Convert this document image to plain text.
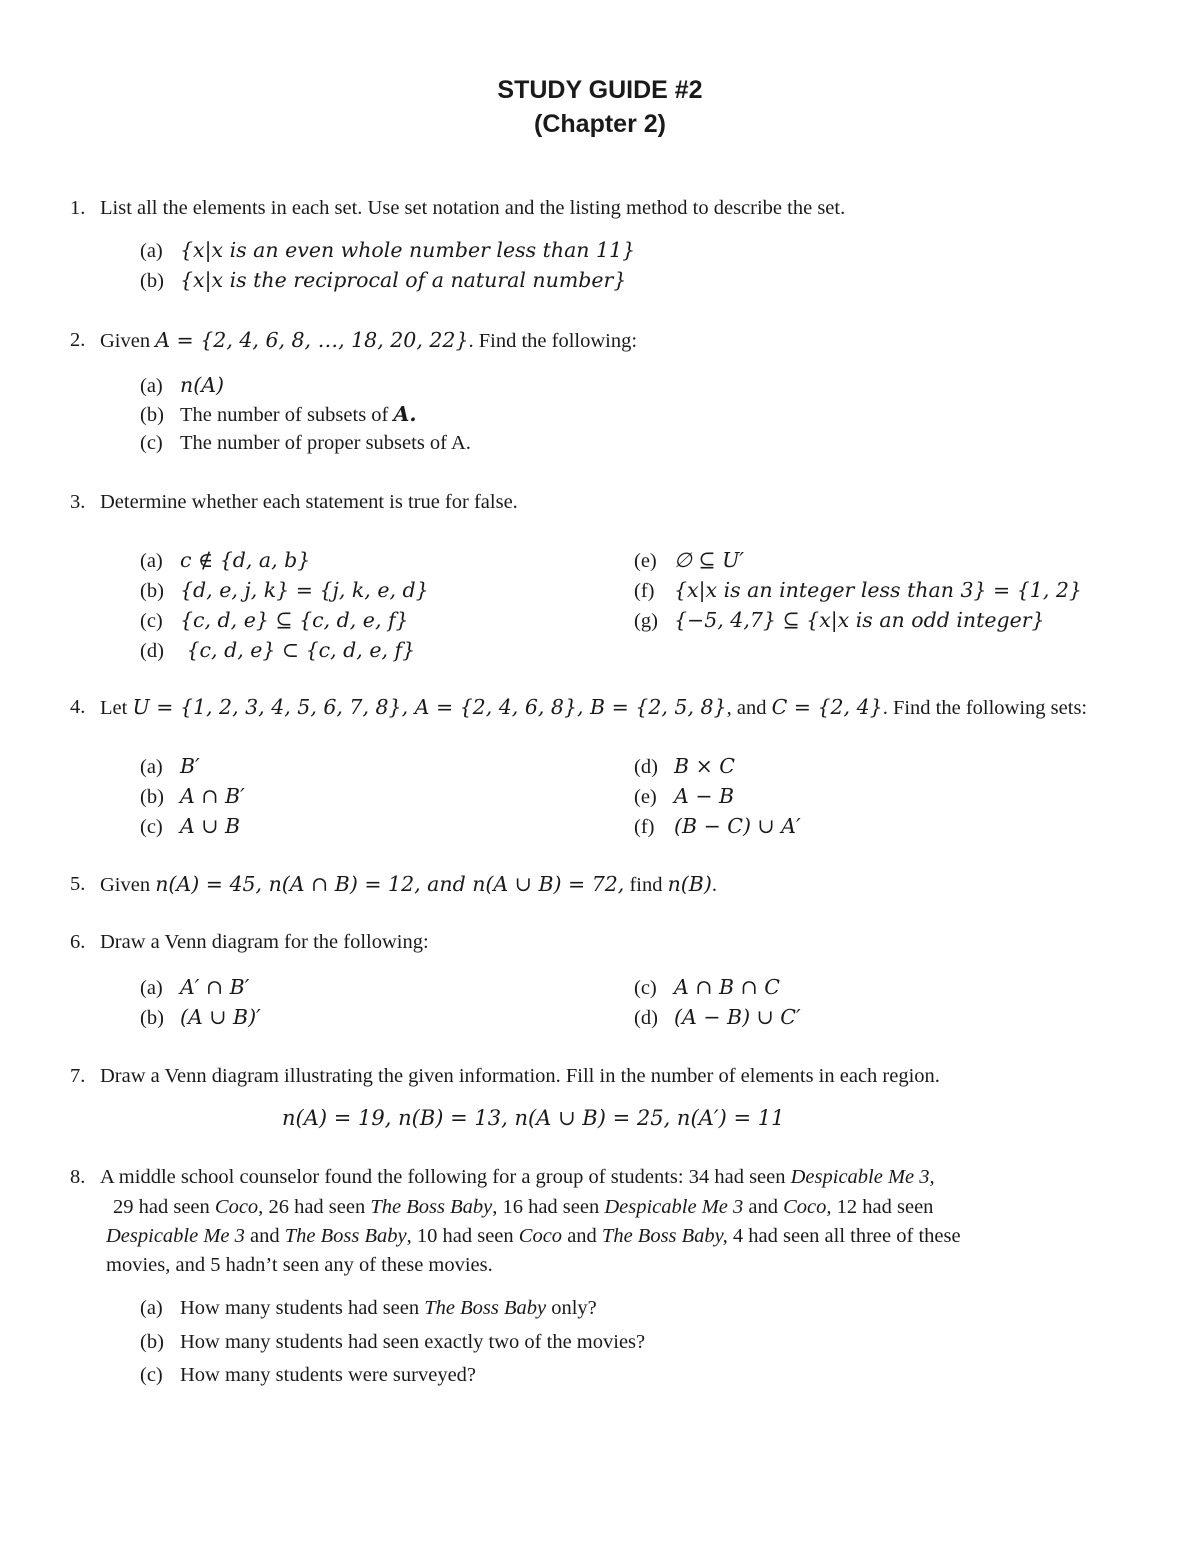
STUDY GUIDE #2
(Chapter 2)
1. List all the elements in each set. Use set notation and the listing method to describe the set.
(a) {x|x is an even whole number less than 11}
(b) {x|x is the reciprocal of a natural number}
2. Given A = {2, 4, 6, 8, …, 18, 20, 22}. Find the following:
(a) n(A)
(b) The number of subsets of A.
(c) The number of proper subsets of A.
3. Determine whether each statement is true for false.
(a) c ∉ {d, a, b}
(b) {d, e, j, k} = {j, k, e, d}
(c) {c, d, e} ⊆ {c, d, e, f}
(d) {c, d, e} ⊂ {c, d, e, f}
(e) ∅ ⊆ U′
(f) {x|x is an integer less than 3} = {1, 2}
(g) {−5, 4,7} ⊆ {x|x is an odd integer}
4. Let U = {1, 2, 3, 4, 5, 6, 7, 8}, A = {2, 4, 6, 8}, B = {2, 5, 8}, and C = {2, 4}. Find the following sets:
(a) B′
(b) A ∩ B′
(c) A ∪ B
(d) B × C
(e) A − B
(f) (B − C) ∪ A′
5. Given n(A) = 45, n(A ∩ B) = 12, and n(A ∪ B) = 72, find n(B).
6. Draw a Venn diagram for the following:
(a) A′ ∩ B′
(b) (A ∪ B)′
(c) A ∩ B ∩ C
(d) (A − B) ∪ C′
7. Draw a Venn diagram illustrating the given information. Fill in the number of elements in each region.
n(A) = 19, n(B) = 13, n(A ∪ B) = 25, n(A′) = 11
8. A middle school counselor found the following for a group of students: 34 had seen Despicable Me 3,
29 had seen Coco, 26 had seen The Boss Baby, 16 had seen Despicable Me 3 and Coco, 12 had seen
Despicable Me 3 and The Boss Baby, 10 had seen Coco and The Boss Baby, 4 had seen all three of these
movies, and 5 hadn’t seen any of these movies.
(a) How many students had seen The Boss Baby only?
(b) How many students had seen exactly two of the movies?
(c) How many students were surveyed?
